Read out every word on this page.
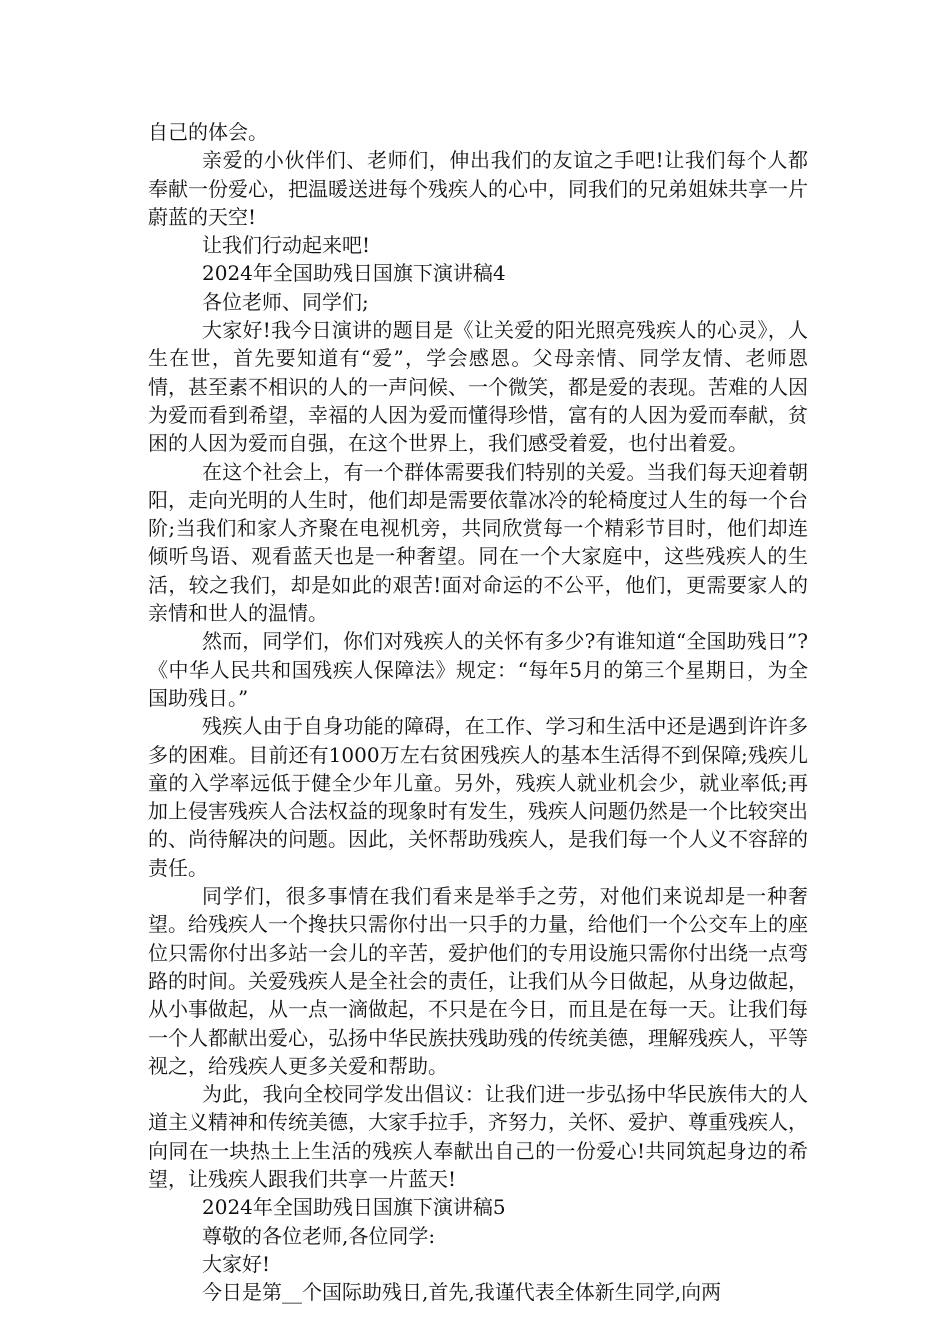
自己的体会。

亲爱的小伙伴们、老师们，伸出我们的友谊之手吧!让我们每个人都奉献一份爱心，把温暖送进每个残疾人的心中，同我们的兄弟姐妹共享一片蔚蓝的天空!

让我们行动起来吧!

2024年全国助残日国旗下演讲稿4

各位老师、同学们;

大家好!我今日演讲的题目是《让关爱的阳光照亮残疾人的心灵》，人生在世，首先要知道有“爱”，学会感恩。父母亲情、同学友情、老师恩情，甚至素不相识的人的一声问候、一个微笑，都是爱的表现。苦难的人因为爱而看到希望，幸福的人因为爱而懂得珍惜，富有的人因为爱而奉献，贫困的人因为爱而自强，在这个世界上，我们感受着爱，也付出着爱。

在这个社会上，有一个群体需要我们特别的关爱。当我们每天迎着朝阳，走向光明的人生时，他们却是需要依靠冰冷的轮椅度过人生的每一个台阶;当我们和家人齐聚在电视机旁，共同欣赏每一个精彩节目时，他们却连倾听鸟语、观看蓝天也是一种奢望。同在一个大家庭中，这些残疾人的生活，较之我们，却是如此的艰苦!面对命运的不公平，他们，更需要家人的亲情和世人的温情。

然而，同学们，你们对残疾人的关怀有多少?有谁知道“全国助残日”?《中华人民共和国残疾人保障法》规定：“每年5月的第三个星期日，为全国助残日。”

残疾人由于自身功能的障碍，在工作、学习和生活中还是遇到许许多多的困难。目前还有1000万左右贫困残疾人的基本生活得不到保障;残疾儿童的入学率远低于健全少年儿童。另外，残疾人就业机会少，就业率低;再加上侵害残疾人合法权益的现象时有发生，残疾人问题仍然是一个比较突出的、尚待解决的问题。因此，关怀帮助残疾人，是我们每一个人义不容辞的责任。

同学们，很多事情在我们看来是举手之劳，对他们来说却是一种奢望。给残疾人一个搀扶只需你付出一只手的力量，给他们一个公交车上的座位只需你付出多站一会儿的辛苦，爱护他们的专用设施只需你付出绕一点弯路的时间。关爱残疾人是全社会的责任，让我们从今日做起，从身边做起，从小事做起，从一点一滴做起，不只是在今日，而且是在每一天。让我们每一个人都献出爱心，弘扬中华民族扶残助残的传统美德，理解残疾人，平等视之，给残疾人更多关爱和帮助。

为此，我向全校同学发出倡议：让我们进一步弘扬中华民族伟大的人道主义精神和传统美德，大家手拉手，齐努力，关怀、爱护、尊重残疾人，向同在一块热土上生活的残疾人奉献出自己的一份爱心!共同筑起身边的希望，让残疾人跟我们共享一片蓝天!

2024年全国助残日国旗下演讲稿5

尊敬的各位老师,各位同学:

大家好!

今日是第__个国际助残日,首先,我谨代表全体新生同学,向两
